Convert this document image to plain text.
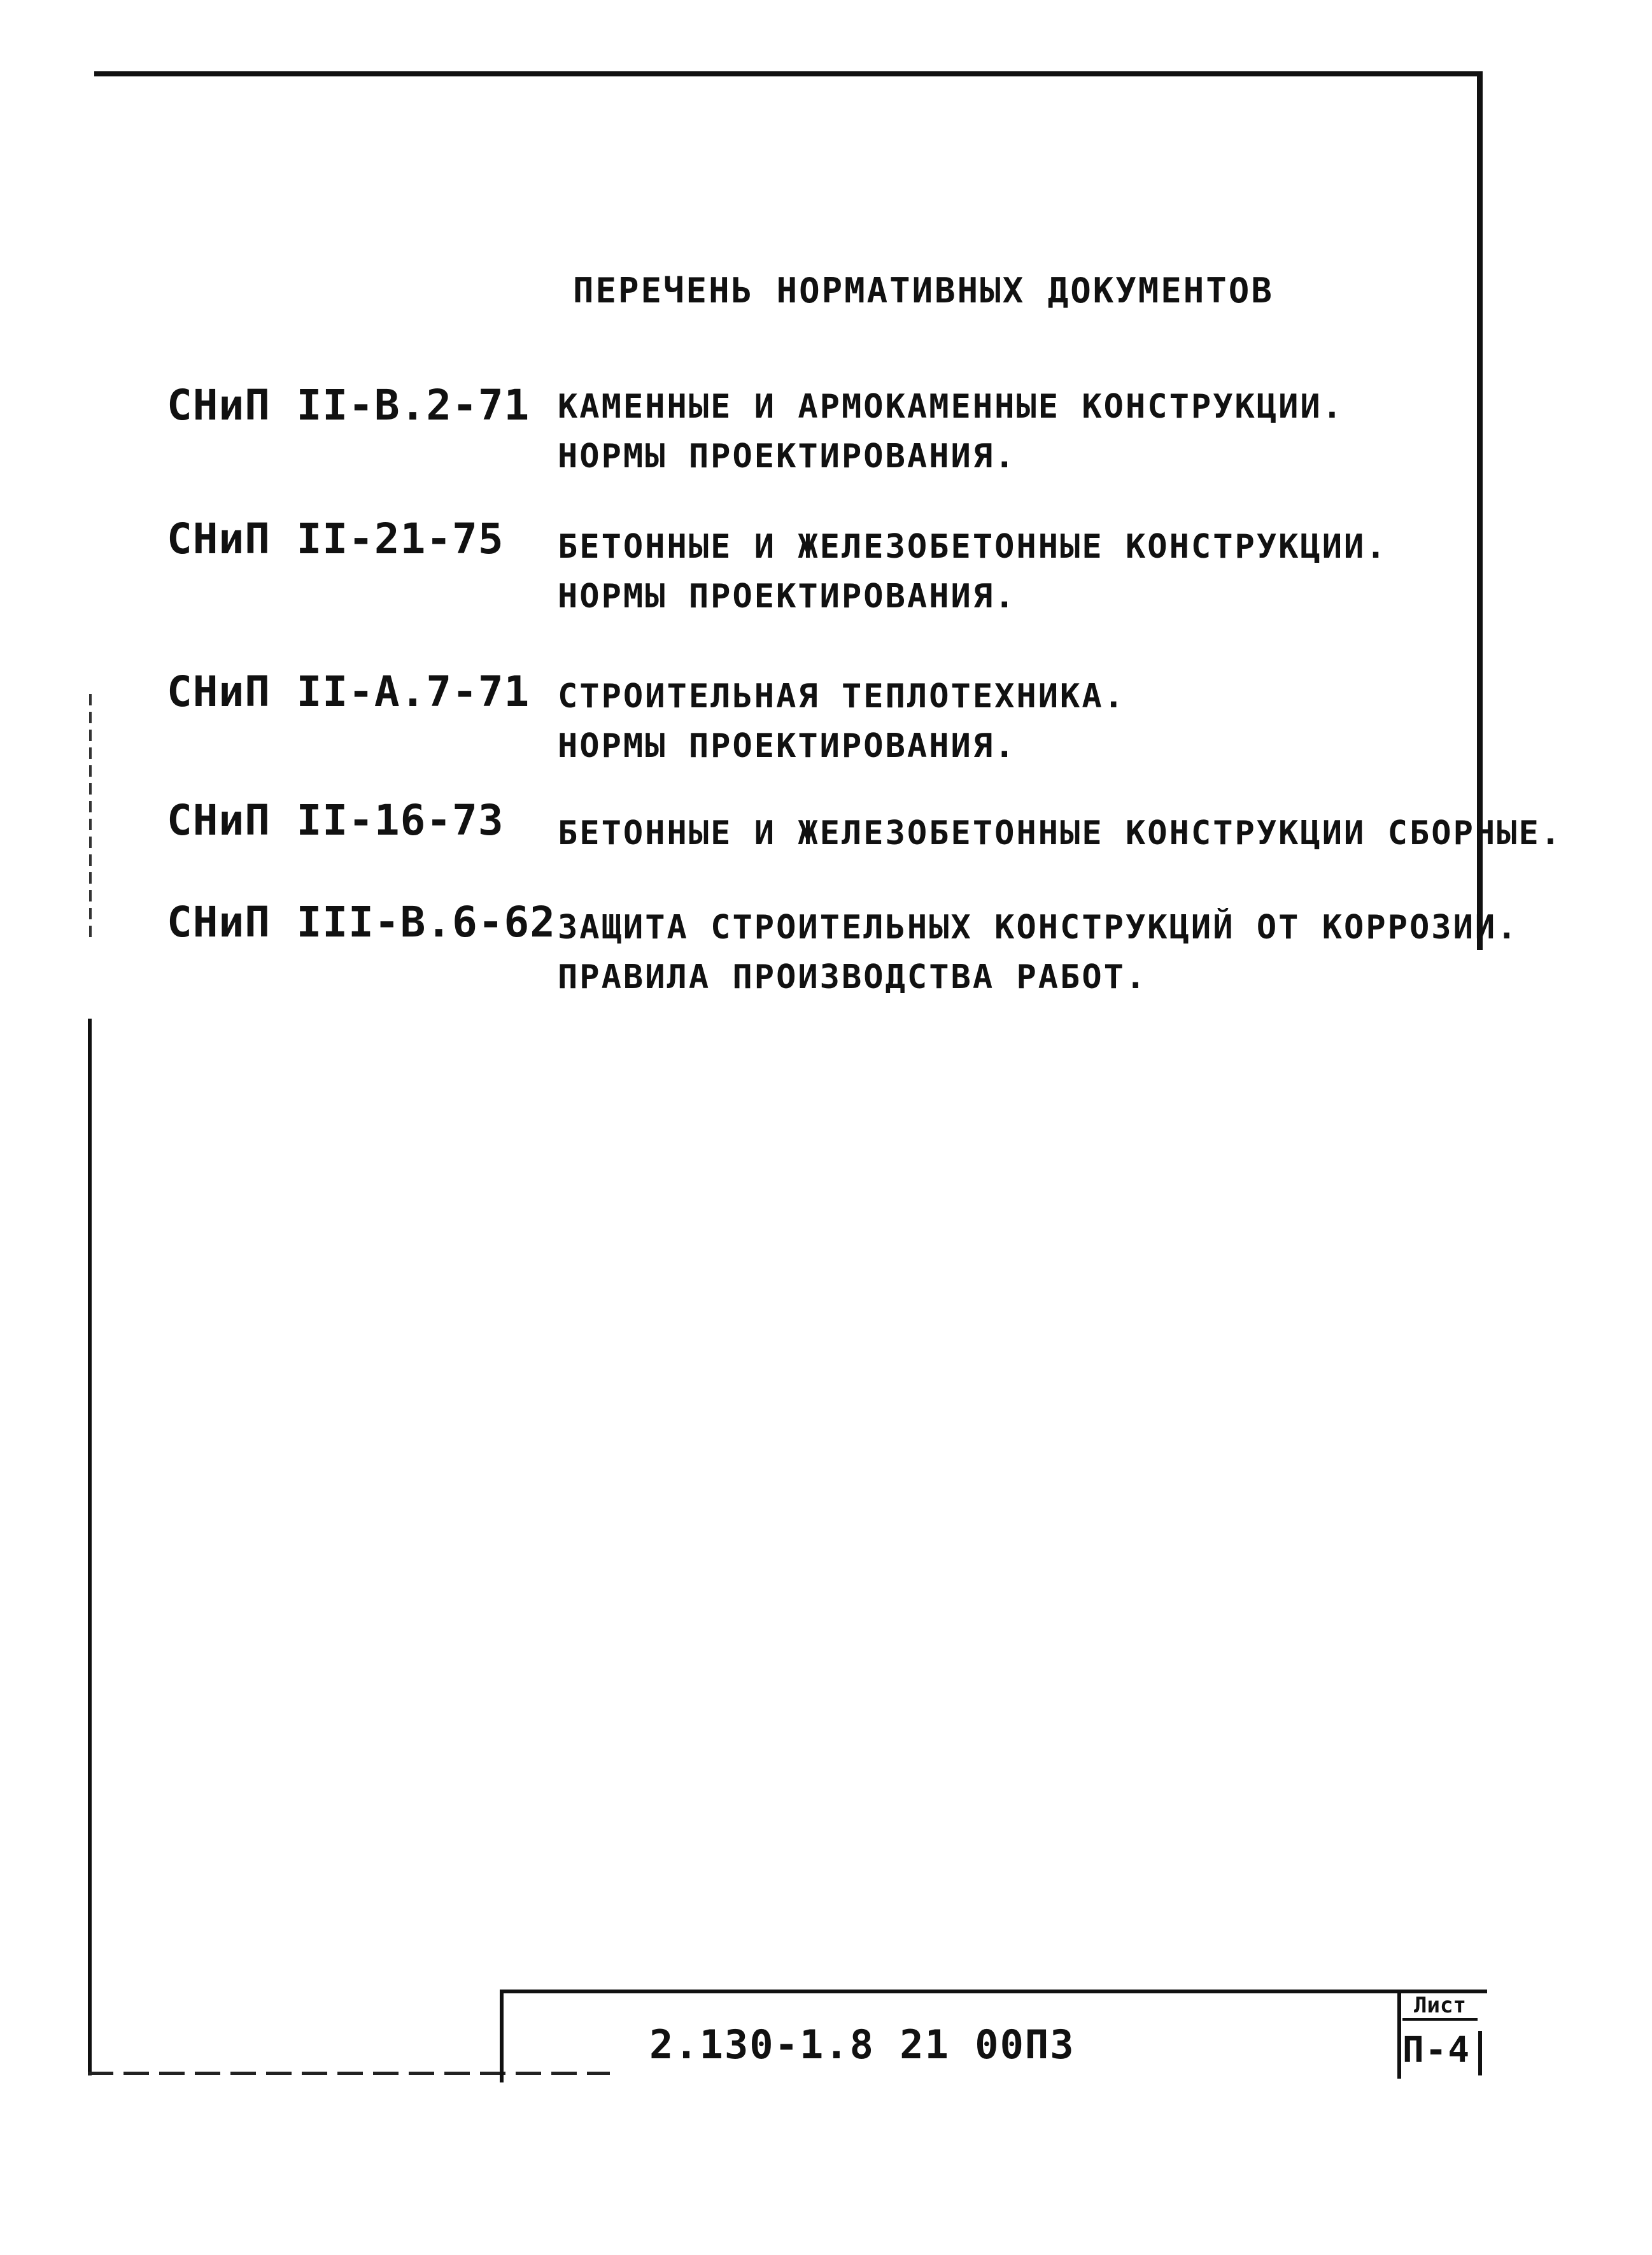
ПЕРЕЧЕНЬ НОРМАТИВНЫХ ДОКУМЕНТОВ
СНиП II-В.2-71 КАМЕННЫЕ И АРМОКАМЕННЫЕ КОНСТРУКЦИИ.
НОРМЫ ПРОЕКТИРОВАНИЯ.
СНиП II-21-75 БЕТОННЫЕ И ЖЕЛЕЗОБЕТОННЫЕ КОНСТРУКЦИИ.
НОРМЫ ПРОЕКТИРОВАНИЯ.
СНиП II-А.7-71 СТРОИТЕЛЬНАЯ ТЕПЛОТЕХНИКА.
НОРМЫ ПРОЕКТИРОВАНИЯ.
СНиП II-16-73 БЕТОННЫЕ И ЖЕЛЕЗОБЕТОННЫЕ КОНСТРУКЦИИ СБОРНЫЕ.
СНиП III-В.6-62 ЗАЩИТА СТРОИТЕЛЬНЫХ КОНСТРУКЦИЙ ОТ КОРРОЗИИ.
ПРАВИЛА ПРОИЗВОДСТВА РАБОТ.
2.130-1.8 21 00П3
Лист
П-4
